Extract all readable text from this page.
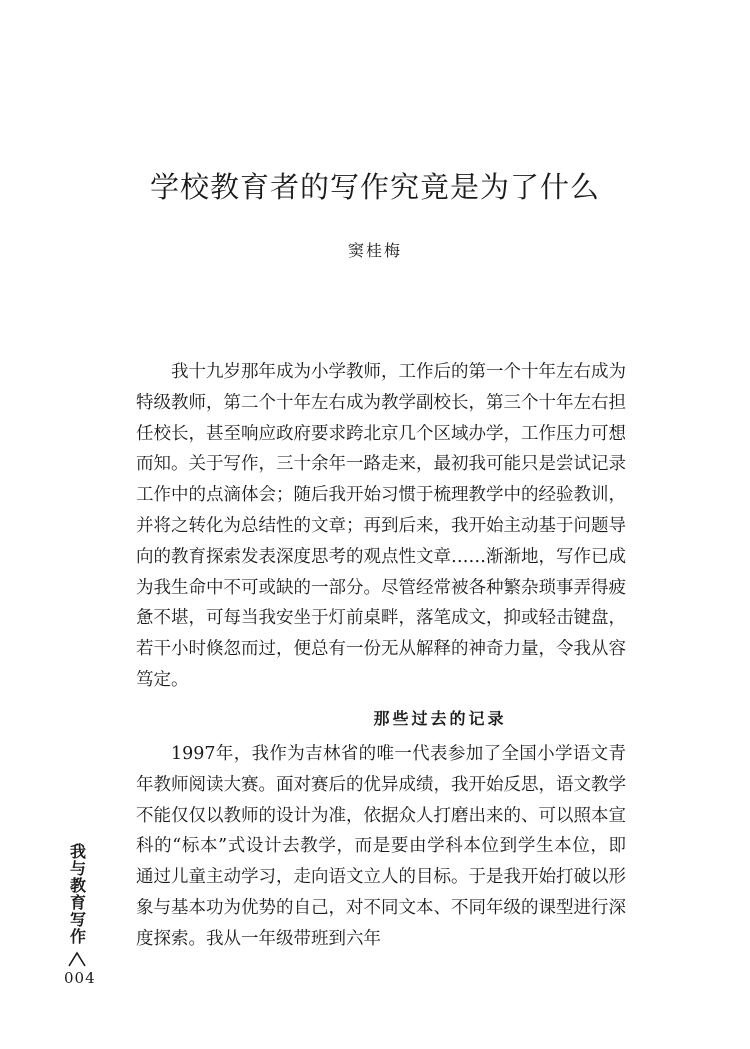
学校教育者的写作究竟是为了什么
窦桂梅

我十九岁那年成为小学教师，工作后的第一个十年左右成为特级教师，第二个十年左右成为教学副校长，第三个十年左右担任校长，甚至响应政府要求跨北京几个区域办学，工作压力可想而知。关于写作，三十余年一路走来，最初我可能只是尝试记录工作中的点滴体会；随后我开始习惯于梳理教学中的经验教训，并将之转化为总结性的文章；再到后来，我开始主动基于问题导向的教育探索发表深度思考的观点性文章……渐渐地，写作已成为我生命中不可或缺的一部分。尽管经常被各种繁杂琐事弄得疲惫不堪，可每当我安坐于灯前桌畔，落笔成文，抑或轻击键盘，若干小时倏忽而过，便总有一份无从解释的神奇力量，令我从容笃定。

那些过去的记录

1997年，我作为吉林省的唯一代表参加了全国小学语文青年教师阅读大赛。面对赛后的优异成绩，我开始反思，语文教学不能仅仅以教师的设计为准，依据众人打磨出来的、可以照本宣科的“标本”式设计去教学，而是要由学科本位到学生本位，即通过儿童主动学习，走向语文立人的目标。于是我开始打破以形象与基本功为优势的自己，对不同文本、不同年级的课型进行深度探索。我从一年级带班到六年

我与教育写作
004
